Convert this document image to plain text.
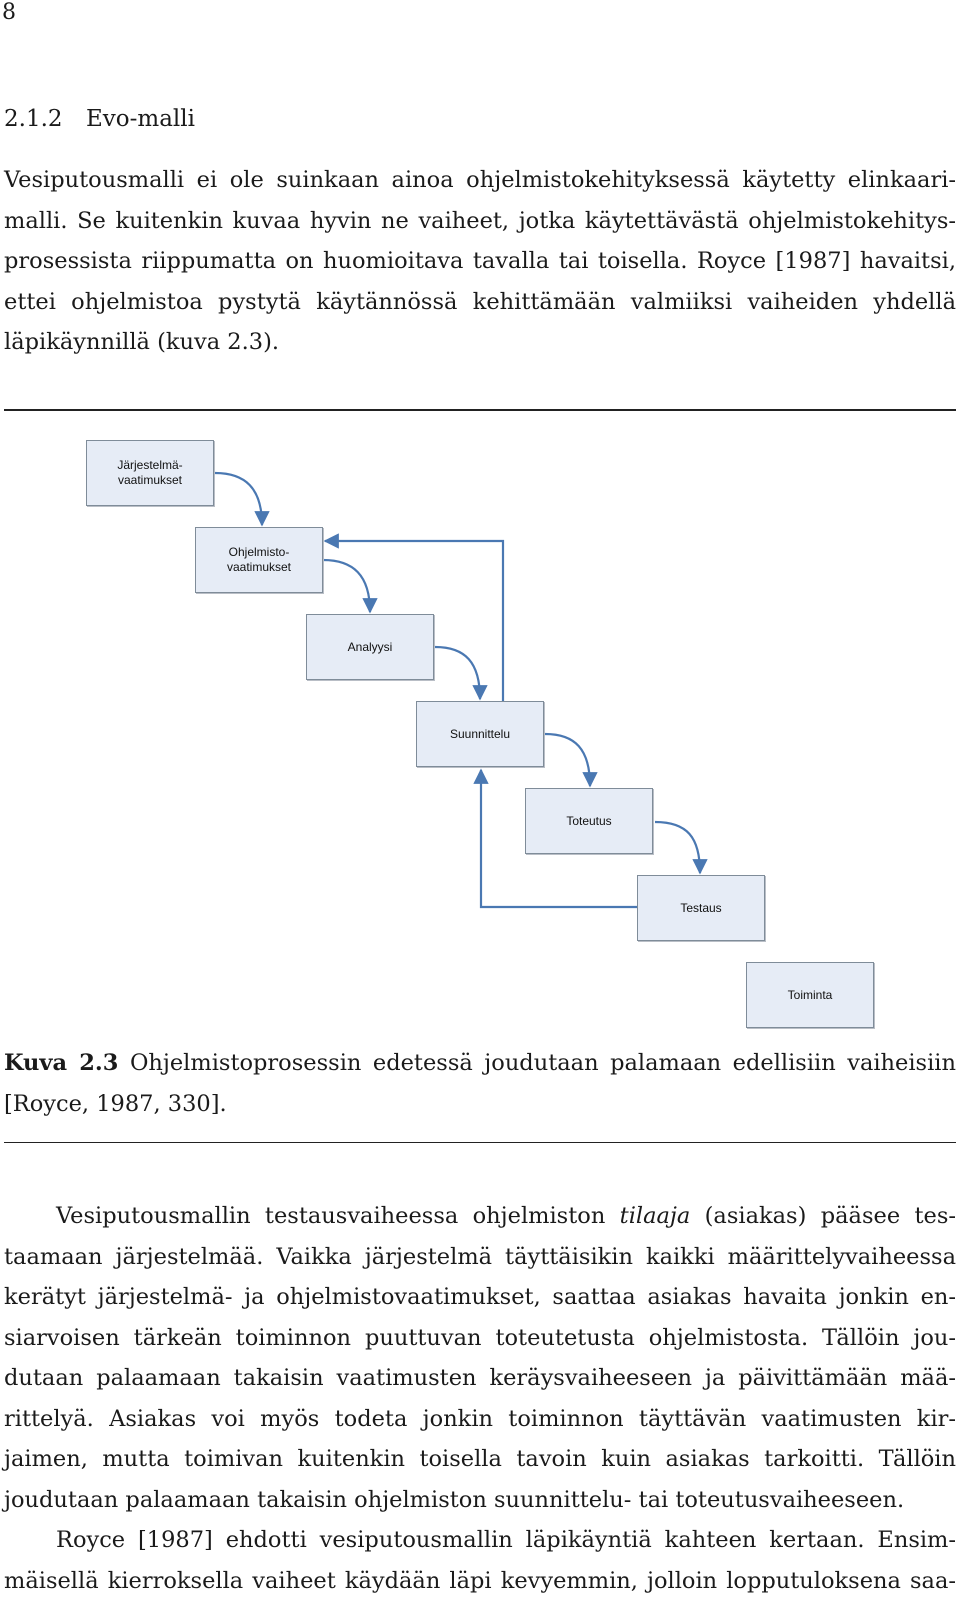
8
2.1.2 Evo-malli
Vesiputousmalli ei ole suinkaan ainoa ohjelmistokehityksessä käytetty elinkaari-
malli. Se kuitenkin kuvaa hyvin ne vaiheet, jotka käytettävästä ohjelmistokehitys-
prosessista riippumatta on huomioitava tavalla tai toisella. Royce [1987] havaitsi,
ettei ohjelmistoa pystytä käytännössä kehittämään valmiiksi vaiheiden yhdellä
läpikäynnillä (kuva 2.3).
Järjestelmä-
vaatimukset
Ohjelmisto-
vaatimukset
Analyysi
Suunnittelu
Toteutus
Testaus
Toiminta
Kuva 2.3 Ohjelmistoprosessin edetessä joudutaan palamaan edellisiin vaiheisiin
[Royce, 1987, 330].
Vesiputousmallin testausvaiheessa ohjelmiston tilaaja (asiakas) pääsee tes-
taamaan järjestelmää. Vaikka järjestelmä täyttäisikin kaikki määrittelyvaiheessa
kerätyt järjestelmä- ja ohjelmistovaatimukset, saattaa asiakas havaita jonkin en-
siarvoisen tärkeän toiminnon puuttuvan toteutetusta ohjelmistosta. Tällöin jou-
dutaan palaamaan takaisin vaatimusten keräysvaiheeseen ja päivittämään mää-
rittelyä. Asiakas voi myös todeta jonkin toiminnon täyttävän vaatimusten kir-
jaimen, mutta toimivan kuitenkin toisella tavoin kuin asiakas tarkoitti. Tällöin
joudutaan palaamaan takaisin ohjelmiston suunnittelu- tai toteutusvaiheeseen.
Royce [1987] ehdotti vesiputousmallin läpikäyntiä kahteen kertaan. Ensim-
mäisellä kierroksella vaiheet käydään läpi kevyemmin, jolloin lopputuloksena saa-
